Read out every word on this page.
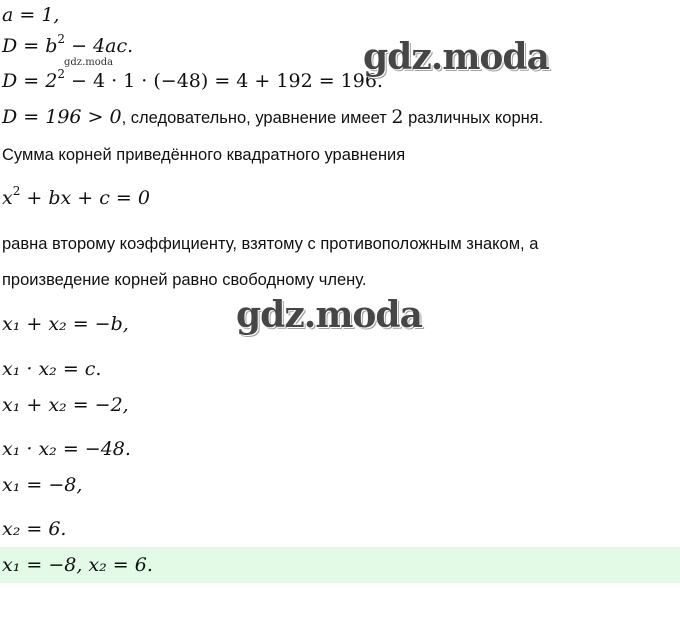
a = 1,
$D = b^2 - 4ac$.
gdz.moda
$D = 2^2 - 4 \cdot 1 \cdot (-48) = 4 + 192 = 196$.
gdz.moda
D = 196 > 0, следовательно, уравнение имеет 2 различных корня.
Сумма корней приведённого квадратного уравнения
$x^2$ + bx + c = 0
равна второму коэффициенту, взятому с противоположным знаком, а
произведение корней равно свободному члену.
gdz.moda
x₁ + x₂ = −b,
x₁ · x₂ = c.
x₁ + x₂ = −2,
x₁ · x₂ = −48.
x₁ = −8,
x₂ = 6.
x₁ = −8, x₂ = 6.
